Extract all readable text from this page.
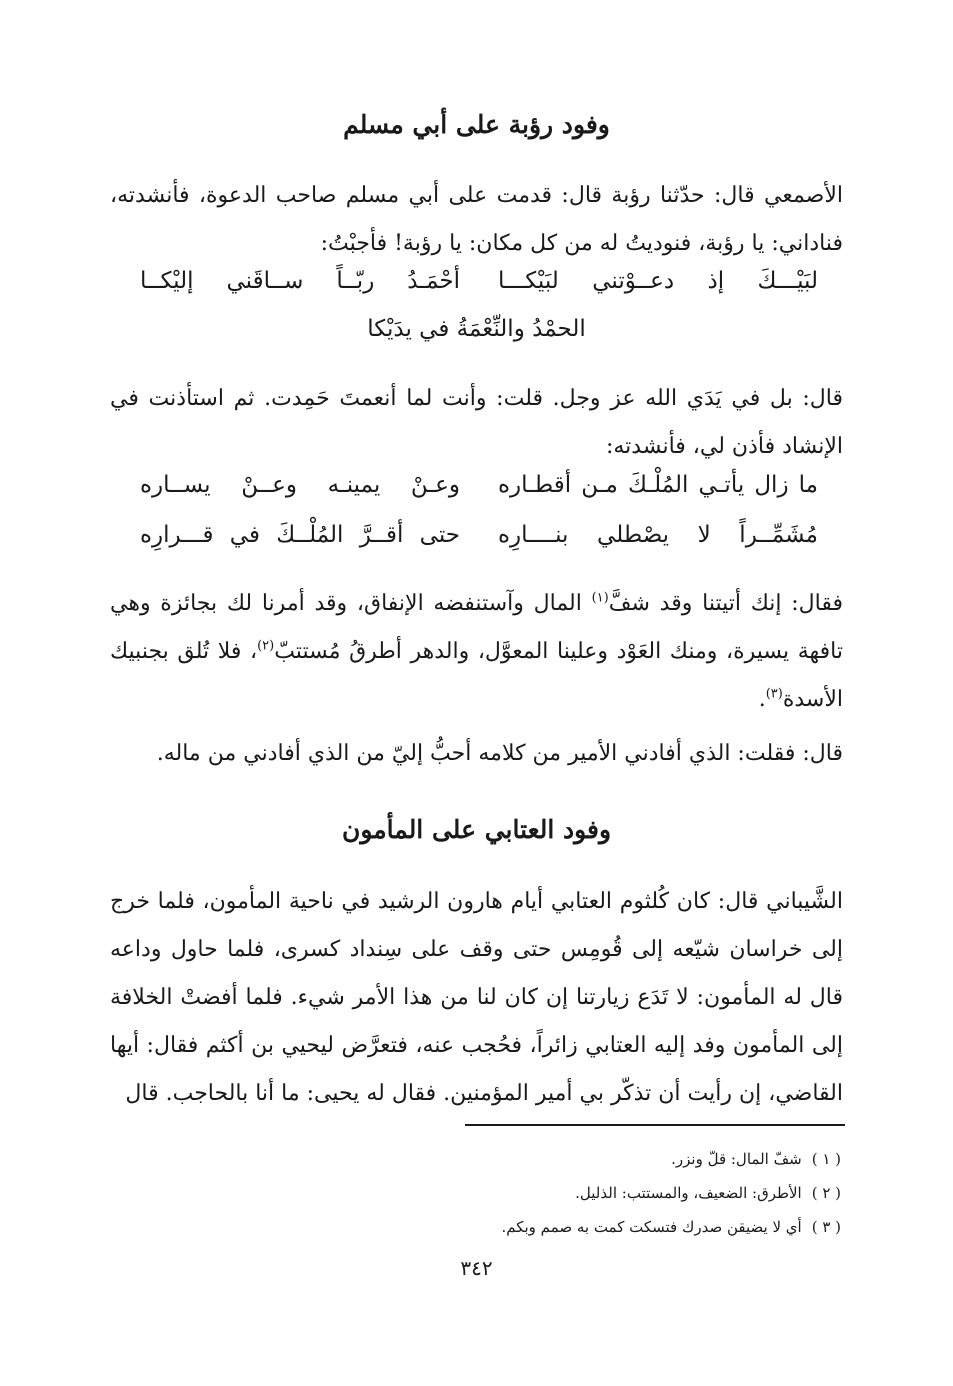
وفود رؤبة على أبي مسلم
الأصمعي قال: حدّثنا رؤبة قال: قدمت على أبي مسلم صاحب الدعوة، فأنشدته، فناداني: يا رؤبة، فنوديتُ له من كل مكان: يا رؤبة! فأجبْتُ:
لبَيْـــكَ إذ دعــوْتني لبَيْكـــا
أحْمَـدُ ربّــاً ســاقَني إليْكــا
الحمْدُ والنِّعْمَةُ في يدَيْكا
قال: بل في يَدَي الله عز وجل. قلت: وأنت لما أنعمتَ حَمِدت. ثم استأذنت في الإنشاد فأذن لي، فأنشدته:
ما زال يأتـي المُلْـكَ مـن أقطـاره
وعـنْ يمينـه وعــنْ يســاره
مُشَمِّــراً لا يصْطلي بنــــارِه
حتى أقــرَّ المُلْــكَ في قـــرارِه
فقال: إنك أتيتنا وقد شفَّ$^{(١)}$ المال وآستنفضه الإنفاق، وقد أمرنا لك بجائزة وهي تافهة يسيرة، ومنك العَوْد وعلينا المعوَّل، والدهر أطرقُ مُستتبّ$^{(٢)}$، فلا تُلق بجنبيك الأسدة$^{(٣)}$.
قال: فقلت: الذي أفادني الأمير من كلامه أحبُّ إليّ من الذي أفادني من ماله.
وفود العتابي على المأمون
الشَّيباني قال: كان كُلثوم العتابي أيام هارون الرشيد في ناحية المأمون، فلما خرج إلى خراسان شيّعه إلى قُومِس حتى وقف على سِنداد كسرى، فلما حاول وداعه قال له المأمون: لا تَدَع زيارتنا إن كان لنا من هذا الأمر شيء. فلما أفضتْ الخلافة إلى المأمون وفد إليه العتابي زائراً، فحُجب عنه، فتعرَّض ليحيي بن أكثم فقال: أيها القاضي، إن رأيت أن تذكّر بي أمير المؤمنين. فقال له يحيى: ما أنا بالحاجب. قال
( ١ )شفّ المال: قلّ ونزر.
( ٢ )الأطرق: الضعيف، والمستتب: الذليل.
( ٣ )أي لا يضيقن صدرك فتسكت كمت به صمم وبكم.
٣٤٢
